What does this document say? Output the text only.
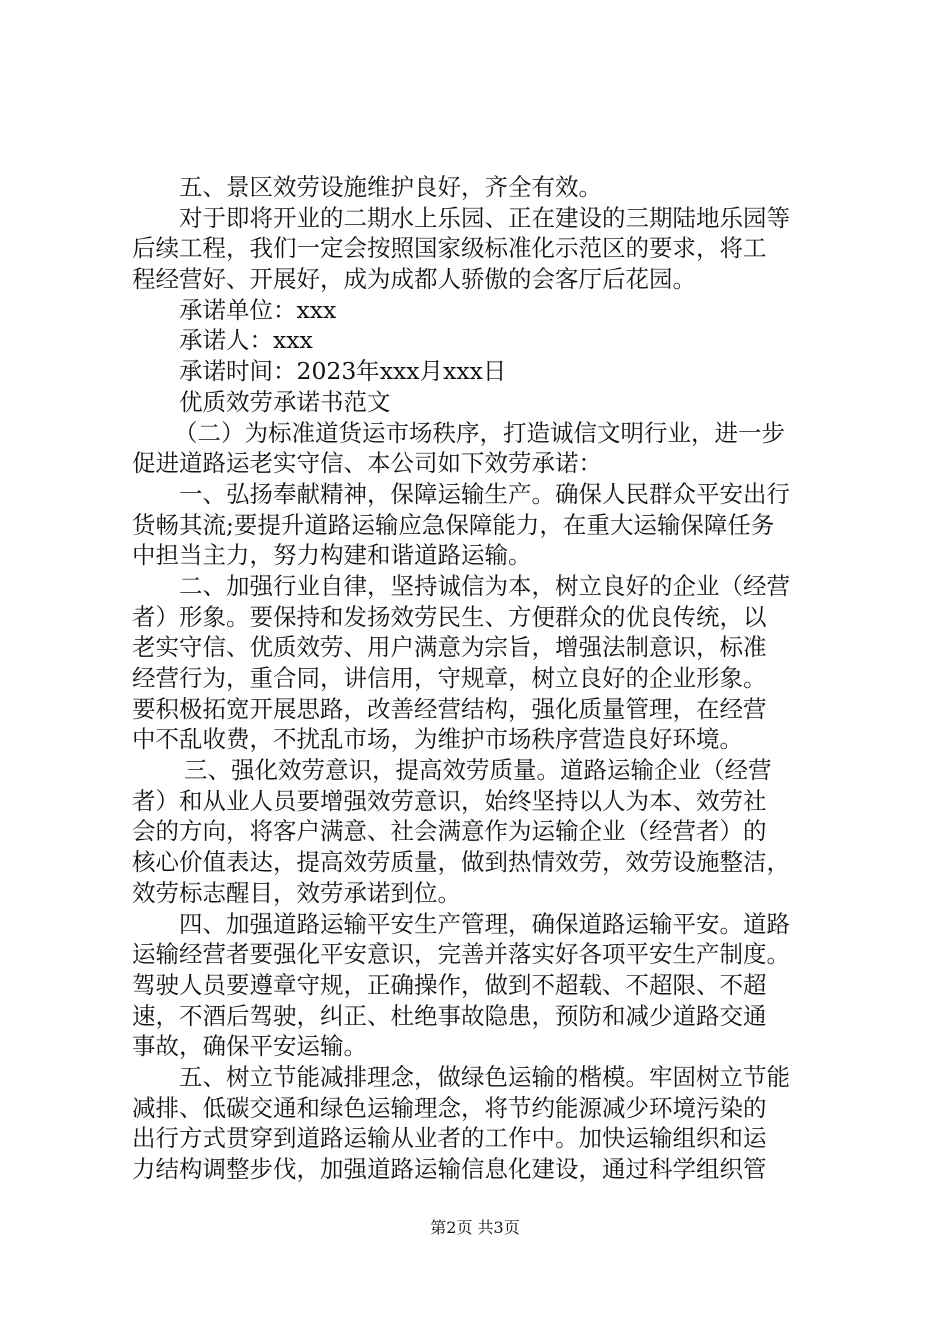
五、景区效劳设施维护良好，齐全有效。
对于即将开业的二期水上乐园、正在建设的三期陆地乐园等
后续工程，我们一定会按照国家级标准化示范区的要求，将工
程经营好、开展好，成为成都人骄傲的会客厅后花园。
承诺单位：xxx
承诺人：xxx
承诺时间：2023年xxx月xxx日
优质效劳承诺书范文
（二）为标准道货运市场秩序，打造诚信文明行业，进一步
促进道路运老实守信、本公司如下效劳承诺：
一、弘扬奉献精神，保障运输生产。确保人民群众平安出行
货畅其流;要提升道路运输应急保障能力，在重大运输保障任务
中担当主力，努力构建和谐道路运输。
二、加强行业自律，坚持诚信为本，树立良好的企业（经营
者）形象。要保持和发扬效劳民生、方便群众的优良传统，以
老实守信、优质效劳、用户满意为宗旨，增强法制意识，标准
经营行为，重合同，讲信用，守规章，树立良好的企业形象。
要积极拓宽开展思路，改善经营结构，强化质量管理，在经营
中不乱收费，不扰乱市场，为维护市场秩序营造良好环境。
三、强化效劳意识，提高效劳质量。道路运输企业（经营
者）和从业人员要增强效劳意识，始终坚持以人为本、效劳社
会的方向，将客户满意、社会满意作为运输企业（经营者）的
核心价值表达，提高效劳质量，做到热情效劳，效劳设施整洁，
效劳标志醒目，效劳承诺到位。
四、加强道路运输平安生产管理，确保道路运输平安。道路
运输经营者要强化平安意识，完善并落实好各项平安生产制度。
驾驶人员要遵章守规，正确操作，做到不超载、不超限、不超
速，不酒后驾驶，纠正、杜绝事故隐患，预防和减少道路交通
事故，确保平安运输。
五、树立节能减排理念，做绿色运输的楷模。牢固树立节能
减排、低碳交通和绿色运输理念，将节约能源减少环境污染的
出行方式贯穿到道路运输从业者的工作中。加快运输组织和运
力结构调整步伐，加强道路运输信息化建设，通过科学组织管
第2页 共3页
